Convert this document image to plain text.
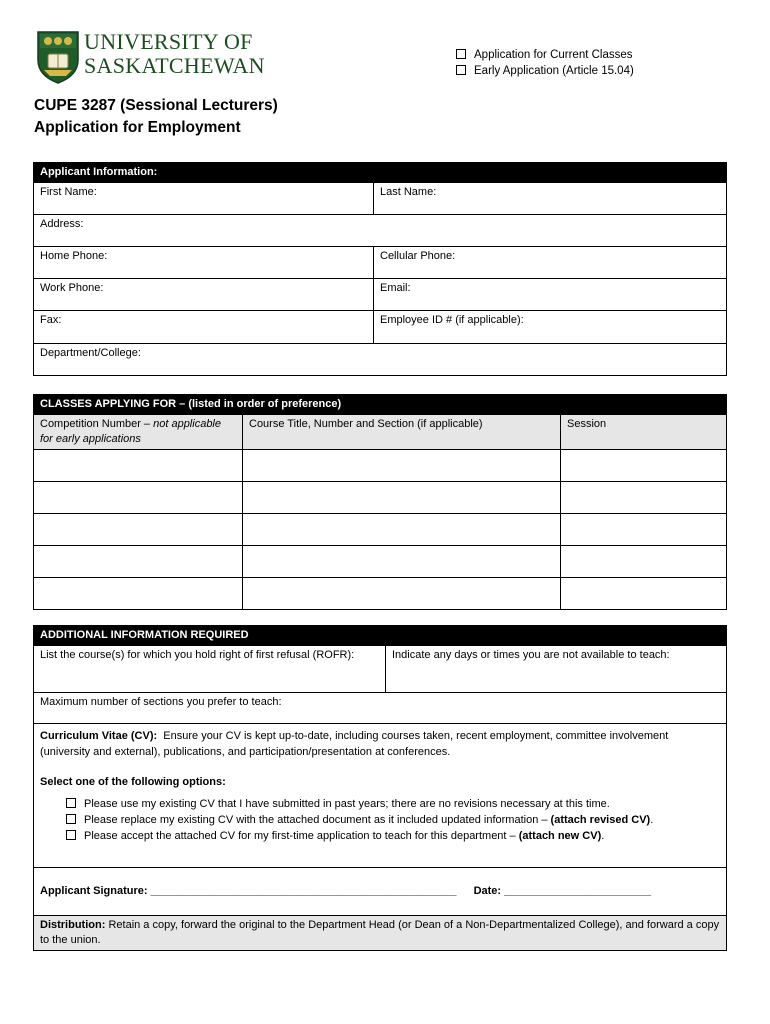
UNIVERSITY OF
SASKATCHEWAN	Application for Current Classes
Early Application (Article 15.04)
CUPE 3287 (Sessional Lecturers)
Application for Employment
Applicant Information:	
First Name:	Last Name:
Address:	
Home Phone:	Cellular Phone:
Work Phone:	Email:
Fax:	Employee ID # (if applicable):
Department/College:	
CLASSES APPLYING FOR – (listed in order of preference)		
Competition Number – not applicable for early applications	Course Title, Number and Section (if applicable)	Session

ADDITIONAL INFORMATION REQUIRED
List the course(s) for which you hold right of first refusal (ROFR):	Indicate any days or times you are not available to teach:
Maximum number of sections you prefer to teach:

Curriculum Vitae (CV): Ensure your CV is kept up-to-date, including courses taken, recent employment, committee involvement (university and external), publications, and participation/presentation at conferences.
Select one of the following options:
Please use my existing CV that I have submitted in past years; there are no revisions necessary at this time.
Please replace my existing CV with the attached document as it included updated information – (attach revised CV).
Please accept the attached CV for my first-time application to teach for this department – (attach new CV).

Applicant Signature: __________________________________________________ Date: ________________________
Distribution: Retain a copy, forward the original to the Department Head (or Dean of a Non-Departmentalized College), and forward a copy to the union.
